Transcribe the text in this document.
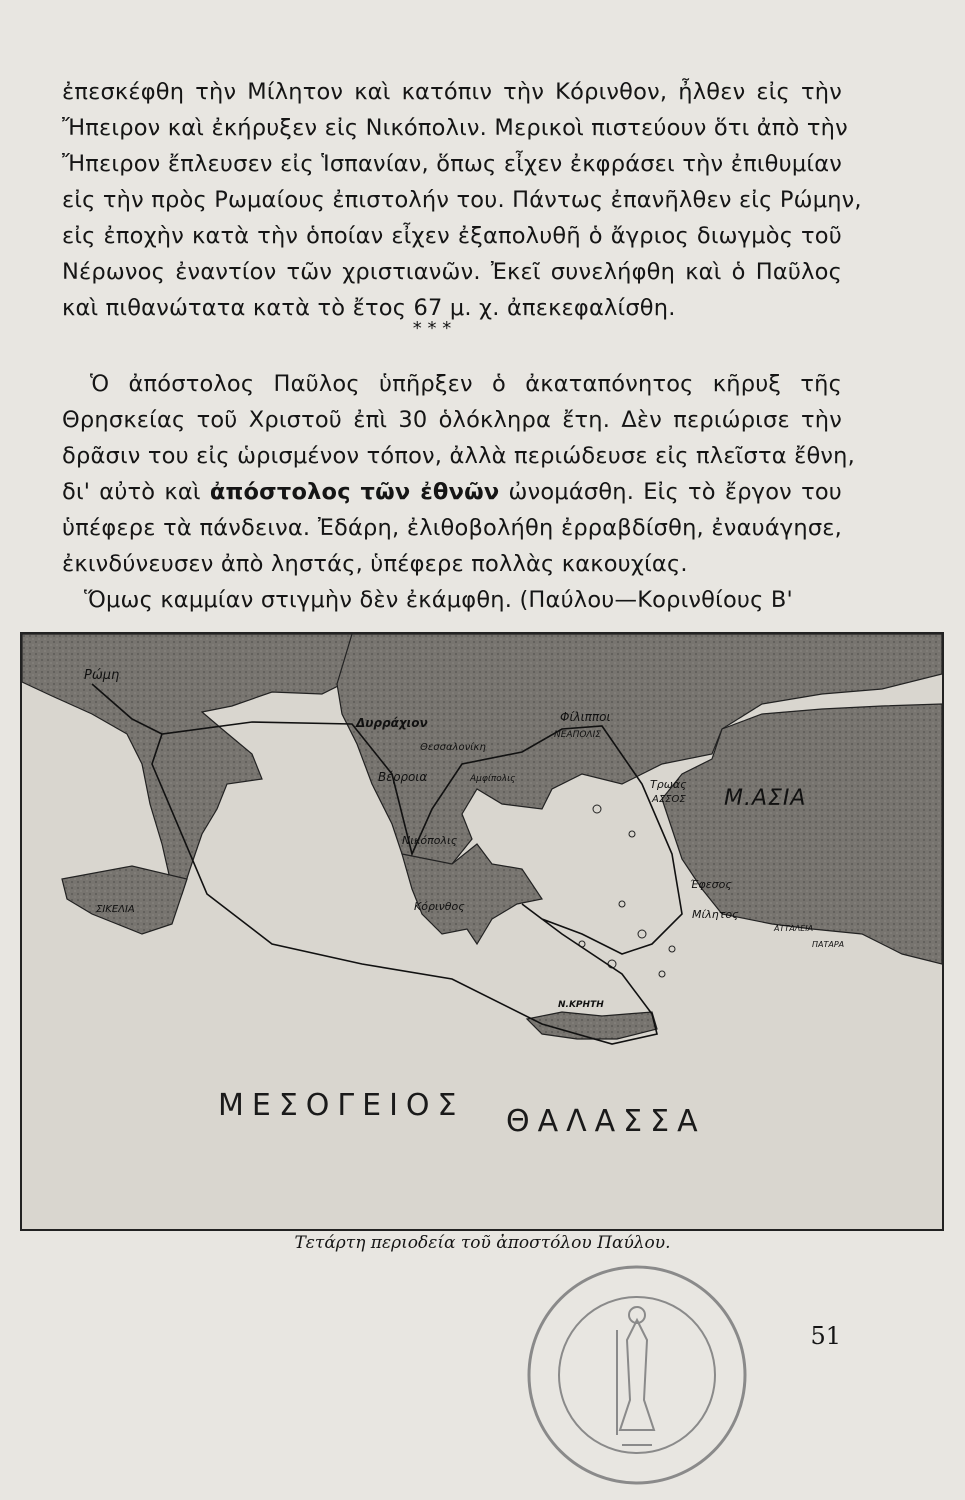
ἐπεσκέφθη τὴν Μίλητον καὶ κατόπιν τὴν Κόρινθον, ἦλθεν εἰς τὴν
Ἤπειρον καὶ ἐκήρυξεν εἰς Νικόπολιν. Μερικοὶ πιστεύουν ὅτι ἀπὸ τὴν
Ἤπειρον ἔπλευσεν εἰς Ἱσπανίαν, ὅπως εἶχεν ἐκφράσει τὴν ἐπιθυμίαν
εἰς τὴν πρὸς Ρωμαίους ἐπιστολήν του. Πάντως ἐπανῆλθεν εἰς Ρώμην,
εἰς ἐποχὴν κατὰ τὴν ὁποίαν εἶχεν ἐξαπολυθῆ ὁ ἄγριος διωγμὸς τοῦ
Νέρωνος ἐναντίον τῶν χριστιανῶν. Ἐκεῖ συνελήφθη καὶ ὁ Παῦλος
καὶ πιθανώτατα κατὰ τὸ ἔτος 67 μ. χ. ἀπεκεφαλίσθη.
* * *
Ὁ ἀπόστολος Παῦλος ὑπῆρξεν ὁ ἀκαταπόνητος κῆρυξ τῆς
Θρησκείας τοῦ Χριστοῦ ἐπὶ 30 ὁλόκληρα ἔτη. Δὲν περιώρισε τὴν
δρᾶσιν του εἰς ὡρισμένον τόπον, ἀλλὰ περιώδευσε εἰς πλεῖστα ἔθνη,
δι' αὐτὸ καὶ ἀπόστολος τῶν ἐθνῶν ὠνομάσθη. Εἰς τὸ ἔργον του
ὑπέφερε τὰ πάνδεινα. Ἐδάρη, ἐλιθοβολήθη ἐρραβδίσθη, ἐναυάγησε,
ἐκινδύνευσεν ἀπὸ ληστάς, ὑπέφερε πολλὰς κακουχίας.
Ὅμως καμμίαν στιγμὴν δὲν ἐκάμφθη. (Παύλου—Κορινθίους Β'
Ρώμη
Δυρράχιον
Θεσσαλονίκη
Βέρροια	Αμφίπολις
Φίλιπποι
ΝΕΑΠΟΛΙΣ
Τρωάς
ΑΣΣΟΣ Μ.ΑΣΙΑ
Νικόπολις
Έφεσος
Κόρινθος
Μίλητος
ΑΤΤΑΛΕΙΑ
ΠΑΤΑΡΑ
ΣΙΚΕΛΙΑ
Ν.ΚΡΗΤΗ
ΜΕΣΟΓΕΙΟΣ ΘΑΛΑΣΣΑ
Τετάρτη περιοδεία τοῦ ἀποστόλου Παύλου.
51
